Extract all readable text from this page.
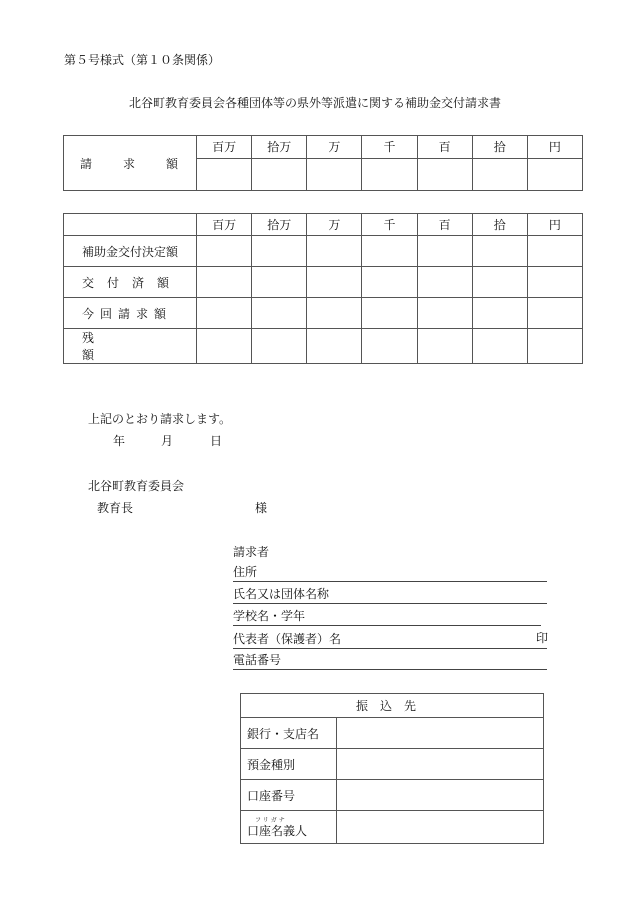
第５号様式（第１０条関係）
北谷町教育委員会各種団体等の県外等派遣に関する補助金交付請求書
請 求 額	百万	拾万	万	千	百	拾	円

	百万	拾万	万	千	百	拾	円
補助金交付決定額							
交付済額							
今回請求額							
残額							
上記のとおり請求します。
年	月	日
北谷町教育委員会
教育長	様
請求者
住所
氏名又は団体名称
学校名・学年
代表者（保護者）名	印
電話番号
振込先	
銀行・支店名	
預金種別	
口座番号	

フリガナ
口座名義人	
